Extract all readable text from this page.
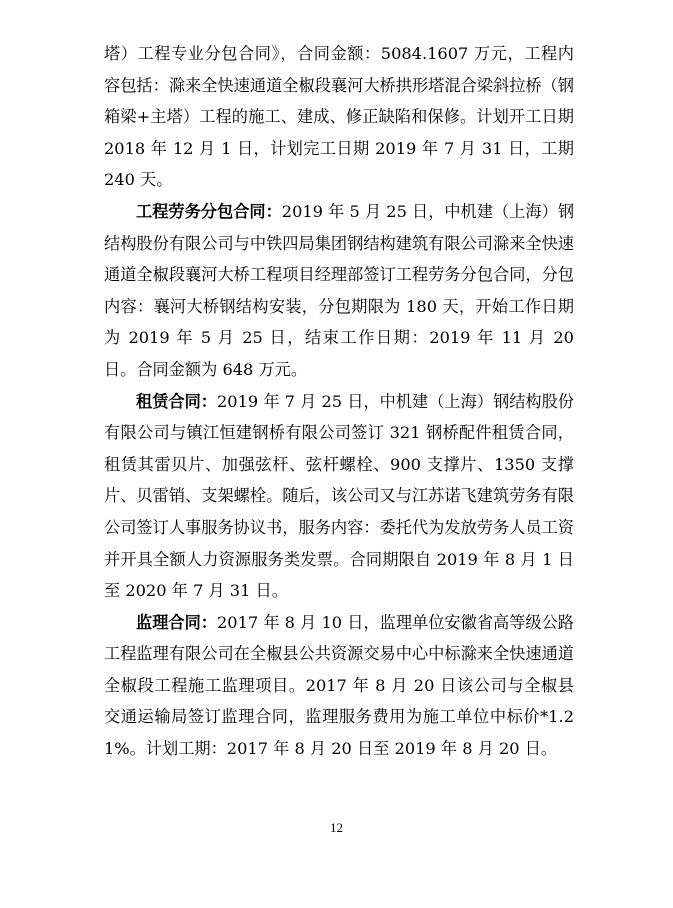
塔）工程专业分包合同》，合同金额：5084.1607 万元，工程内容包括：滁来全快速通道全椒段襄河大桥拱形塔混合梁斜拉桥（钢箱梁+主塔）工程的施工、建成、修正缺陷和保修。计划开工日期 2018 年 12 月 1 日，计划完工日期 2019 年 7 月 31 日，工期 240 天。

工程劳务分包合同：2019 年 5 月 25 日，中机建（上海）钢结构股份有限公司与中铁四局集团钢结构建筑有限公司滁来全快速通道全椒段襄河大桥工程项目经理部签订工程劳务分包合同，分包内容：襄河大桥钢结构安装，分包期限为 180 天，开始工作日期为 2019 年 5 月 25 日，结束工作日期：2019 年 11 月 20 日。合同金额为 648 万元。

租赁合同：2019 年 7 月 25 日，中机建（上海）钢结构股份有限公司与镇江恒建钢桥有限公司签订 321 钢桥配件租赁合同，租赁其雷贝片、加强弦杆、弦杆螺栓、900 支撑片、1350 支撑片、贝雷销、支架螺栓。随后，该公司又与江苏诺飞建筑劳务有限公司签订人事服务协议书，服务内容：委托代为发放劳务人员工资并开具全额人力资源服务类发票。合同期限自 2019 年 8 月 1 日至 2020 年 7 月 31 日。

监理合同：2017 年 8 月 10 日，监理单位安徽省高等级公路工程监理有限公司在全椒县公共资源交易中心中标滁来全快速通道全椒段工程施工监理项目。2017 年 8 月 20 日该公司与全椒县交通运输局签订监理合同，监理服务费用为施工单位中标价*1.21%。计划工期：2017 年 8 月 20 日至 2019 年 8 月 20 日。

12
